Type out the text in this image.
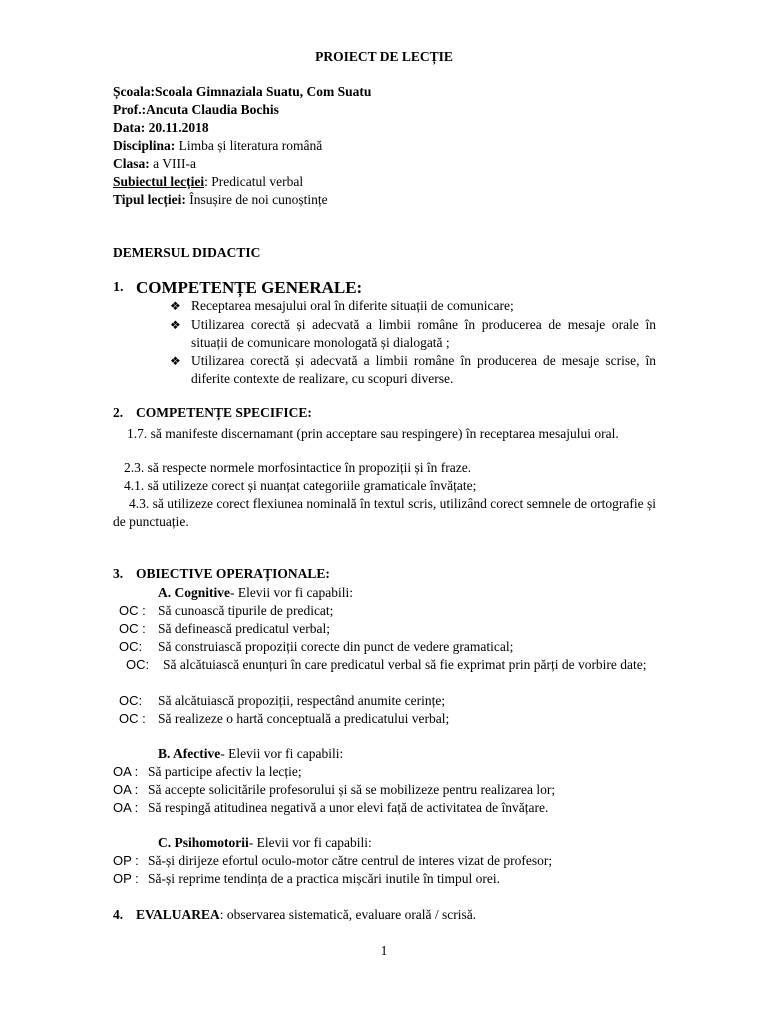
PROIECT DE LECȚIE
Școala:Scoala Gimnaziala Suatu, Com Suatu
Prof.:Ancuta Claudia Bochis
Data: 20.11.2018
Disciplina: Limba și literatura română
Clasa: a VIII-a
Subiectul lecției: Predicatul verbal
Tipul lecției: Însușire de noi cunoștințe
DEMERSUL DIDACTIC
1. COMPETENȚE GENERALE:
❖ Receptarea mesajului oral în diferite situații de comunicare;
❖ Utilizarea corectă și adecvată a limbii române în producerea de mesaje orale în situații de comunicare monologată și dialogată ;
❖ Utilizarea corectă și adecvată a limbii române în producerea de mesaje scrise, în diferite contexte de realizare, cu scopuri diverse.
2. COMPETENȚE SPECIFICE:
1.7. să manifeste discernamant (prin acceptare sau respingere) în receptarea mesajului oral.
2.3. să respecte normele morfosintactice în propoziții și în fraze.
4.1. să utilizeze corect și nuanțat categoriile gramaticale învățate;
4.3. să utilizeze corect flexiunea nominală în textul scris, utilizând corect semnele de ortografie și de punctuație.
3. OBIECTIVE OPERAȚIONALE:
A. Cognitive- Elevii vor fi capabili:
OC : Să cunoască tipurile de predicat;
OC : Să definească predicatul verbal;
OC: Să construiască propoziții corecte din punct de vedere gramatical;
OC:	Să alcătuiască enunțuri în care predicatul verbal să fie exprimat prin părți de vorbire date;
OC: Să alcătuiască propoziții, respectând anumite cerințe;
OC : Să realizeze o hartă conceptuală a predicatului verbal;
B. Afective- Elevii vor fi capabili:
OA : Să participe afectiv la lecție;
OA : Să accepte solicitările profesorului și să se mobilizeze pentru realizarea lor;
OA : Să respingă atitudinea negativă a unor elevi față de activitatea de învățare.
C. Psihomotorii- Elevii vor fi capabili:
OP : Să-și dirijeze efortul oculo-motor către centrul de interes vizat de profesor;
OP : Să-și reprime tendința de a practica mișcări inutile în timpul orei.
4. EVALUAREA: observarea sistematică, evaluare orală / scrisă.
1
